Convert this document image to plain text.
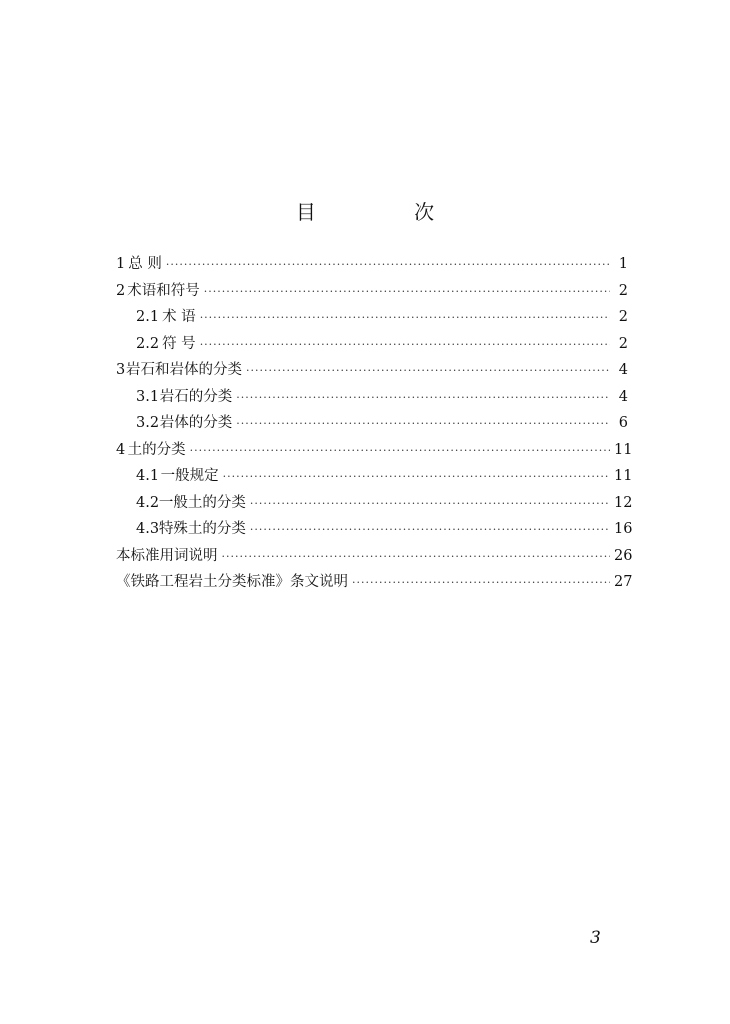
目 次
1 总 则 ·····	1
2 术语和符号 ·····	2
2.1 术 语 ·····	2
2.2 符 号 ·····	2
3 岩石和岩体的分类 ·····	4
3.1 岩石的分类 ·····	4
3.2 岩体的分类 ·····	6
4 土的分类 ·····	11
4.1 一般规定 ·····	11
4.2 一般土的分类 ·····	12
4.3 特殊土的分类 ·····	16
本标准用词说明 ·····	26
《铁路工程岩土分类标准》条文说明 ·····	27
3
